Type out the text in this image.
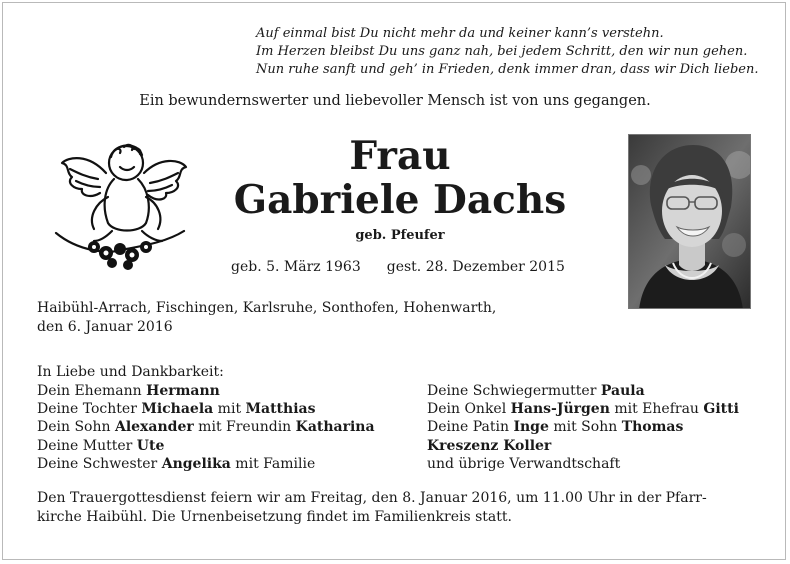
Auf einmal bist Du nicht mehr da und keiner kann’s verstehn.
Im Herzen bleibst Du uns ganz nah, bei jedem Schritt, den wir nun gehen.
Nun ruhe sanft und geh’ in Frieden, denk immer dran, dass wir Dich lieben.
Ein bewundernswerter und liebevoller Mensch ist von uns gegangen.
Frau
Gabriele Dachs
geb. Pfeufer
geb. 5. März 1963 gest. 28. Dezember 2015
Haibühl-Arrach, Fischingen, Karlsruhe, Sonthofen, Hohenwarth,
den 6. Januar 2016
In Liebe und Dankbarkeit:
Dein Ehemann Hermann
Deine Tochter Michaela mit Matthias
Dein Sohn Alexander mit Freundin Katharina
Deine Mutter Ute
Deine Schwester Angelika mit Familie
Deine Schwiegermutter Paula
Dein Onkel Hans-Jürgen mit Ehefrau Gitti
Deine Patin Inge mit Sohn Thomas
Kreszenz Koller
und übrige Verwandtschaft
Den Trauergottesdienst feiern wir am Freitag, den 8. Januar 2016, um 11.00 Uhr in der Pfarr-
kirche Haibühl. Die Urnenbeisetzung findet im Familienkreis statt.
